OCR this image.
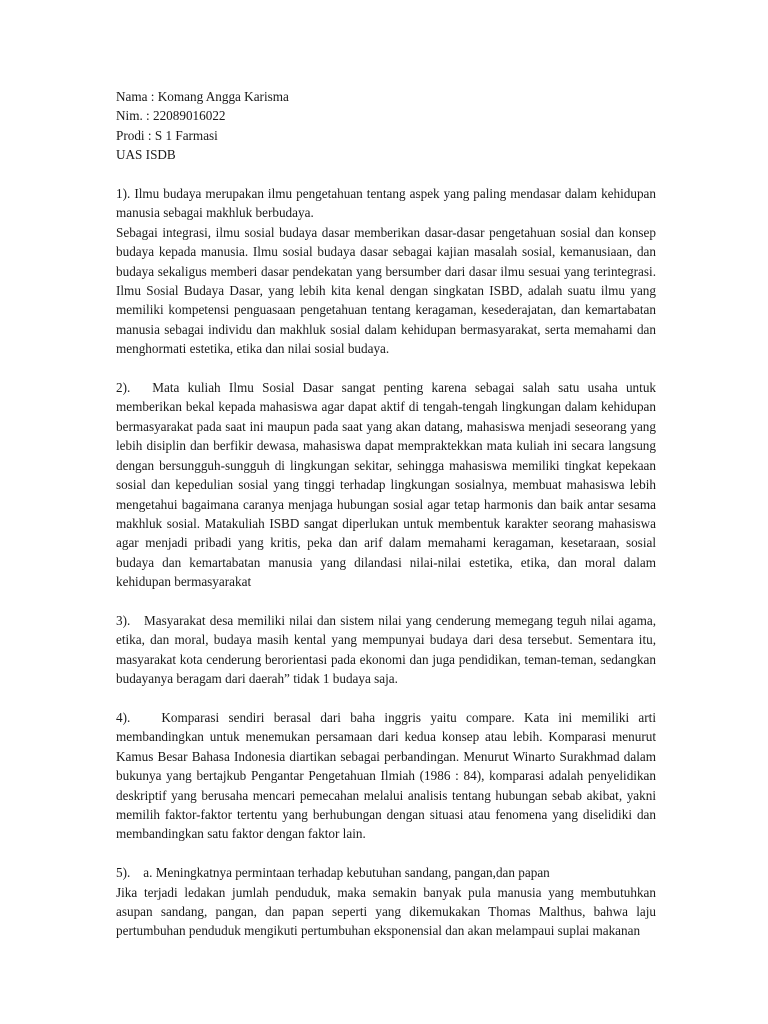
Nama : Komang Angga Karisma

Nim. : 22089016022

Prodi : S 1 Farmasi

UAS ISDB

1). Ilmu budaya merupakan ilmu pengetahuan tentang aspek yang paling mendasar dalam kehidupan manusia sebagai makhluk berbudaya.

Sebagai integrasi, ilmu sosial budaya dasar memberikan dasar-dasar pengetahuan sosial dan konsep budaya kepada manusia. Ilmu sosial budaya dasar sebagai kajian masalah sosial, kemanusiaan, dan budaya sekaligus memberi dasar pendekatan yang bersumber dari dasar ilmu sesuai yang terintegrasi. Ilmu Sosial Budaya Dasar, yang lebih kita kenal dengan singkatan ISBD, adalah suatu ilmu yang memiliki kompetensi penguasaan pengetahuan tentang keragaman, kesederajatan, dan kemartabatan manusia sebagai individu dan makhluk sosial dalam kehidupan bermasyarakat, serta memahami dan menghormati estetika, etika dan nilai sosial budaya.

2). Mata kuliah Ilmu Sosial Dasar sangat penting karena sebagai salah satu usaha untuk memberikan bekal kepada mahasiswa agar dapat aktif di tengah-tengah lingkungan dalam kehidupan bermasyarakat pada saat ini maupun pada saat yang akan datang, mahasiswa menjadi seseorang yang lebih disiplin dan berfikir dewasa, mahasiswa dapat mempraktekkan mata kuliah ini secara langsung dengan bersungguh-sungguh di lingkungan sekitar, sehingga mahasiswa memiliki tingkat kepekaan sosial dan kepedulian sosial yang tinggi terhadap lingkungan sosialnya, membuat mahasiswa lebih mengetahui bagaimana caranya menjaga hubungan sosial agar tetap harmonis dan baik antar sesama makhluk sosial. Matakuliah ISBD sangat diperlukan untuk membentuk karakter seorang mahasiswa agar menjadi pribadi yang kritis, peka dan arif dalam memahami keragaman, kesetaraan, sosial budaya dan kemartabatan manusia yang dilandasi nilai-nilai estetika, etika, dan moral dalam kehidupan bermasyarakat

3). Masyarakat desa memiliki nilai dan sistem nilai yang cenderung memegang teguh nilai agama, etika, dan moral, budaya masih kental yang mempunyai budaya dari desa tersebut. Sementara itu, masyarakat kota cenderung berorientasi pada ekonomi dan juga pendidikan, teman-teman, sedangkan budayanya beragam dari daerah” tidak 1 budaya saja.

4). Komparasi sendiri berasal dari baha inggris yaitu compare. Kata ini memiliki arti membandingkan untuk menemukan persamaan dari kedua konsep atau lebih. Komparasi menurut Kamus Besar Bahasa Indonesia diartikan sebagai perbandingan. Menurut Winarto Surakhmad dalam bukunya yang bertajkub Pengantar Pengetahuan Ilmiah (1986 : 84), komparasi adalah penyelidikan deskriptif yang berusaha mencari pemecahan melalui analisis tentang hubungan sebab akibat, yakni memilih faktor-faktor tertentu yang berhubungan dengan situasi atau fenomena yang diselidiki dan membandingkan satu faktor dengan faktor lain.

5). a. Meningkatnya permintaan terhadap kebutuhan sandang, pangan,dan papan

Jika terjadi ledakan jumlah penduduk, maka semakin banyak pula manusia yang membutuhkan asupan sandang, pangan, dan papan seperti yang dikemukakan Thomas Malthus, bahwa laju pertumbuhan penduduk mengikuti pertumbuhan eksponensial dan akan melampaui suplai makanan
